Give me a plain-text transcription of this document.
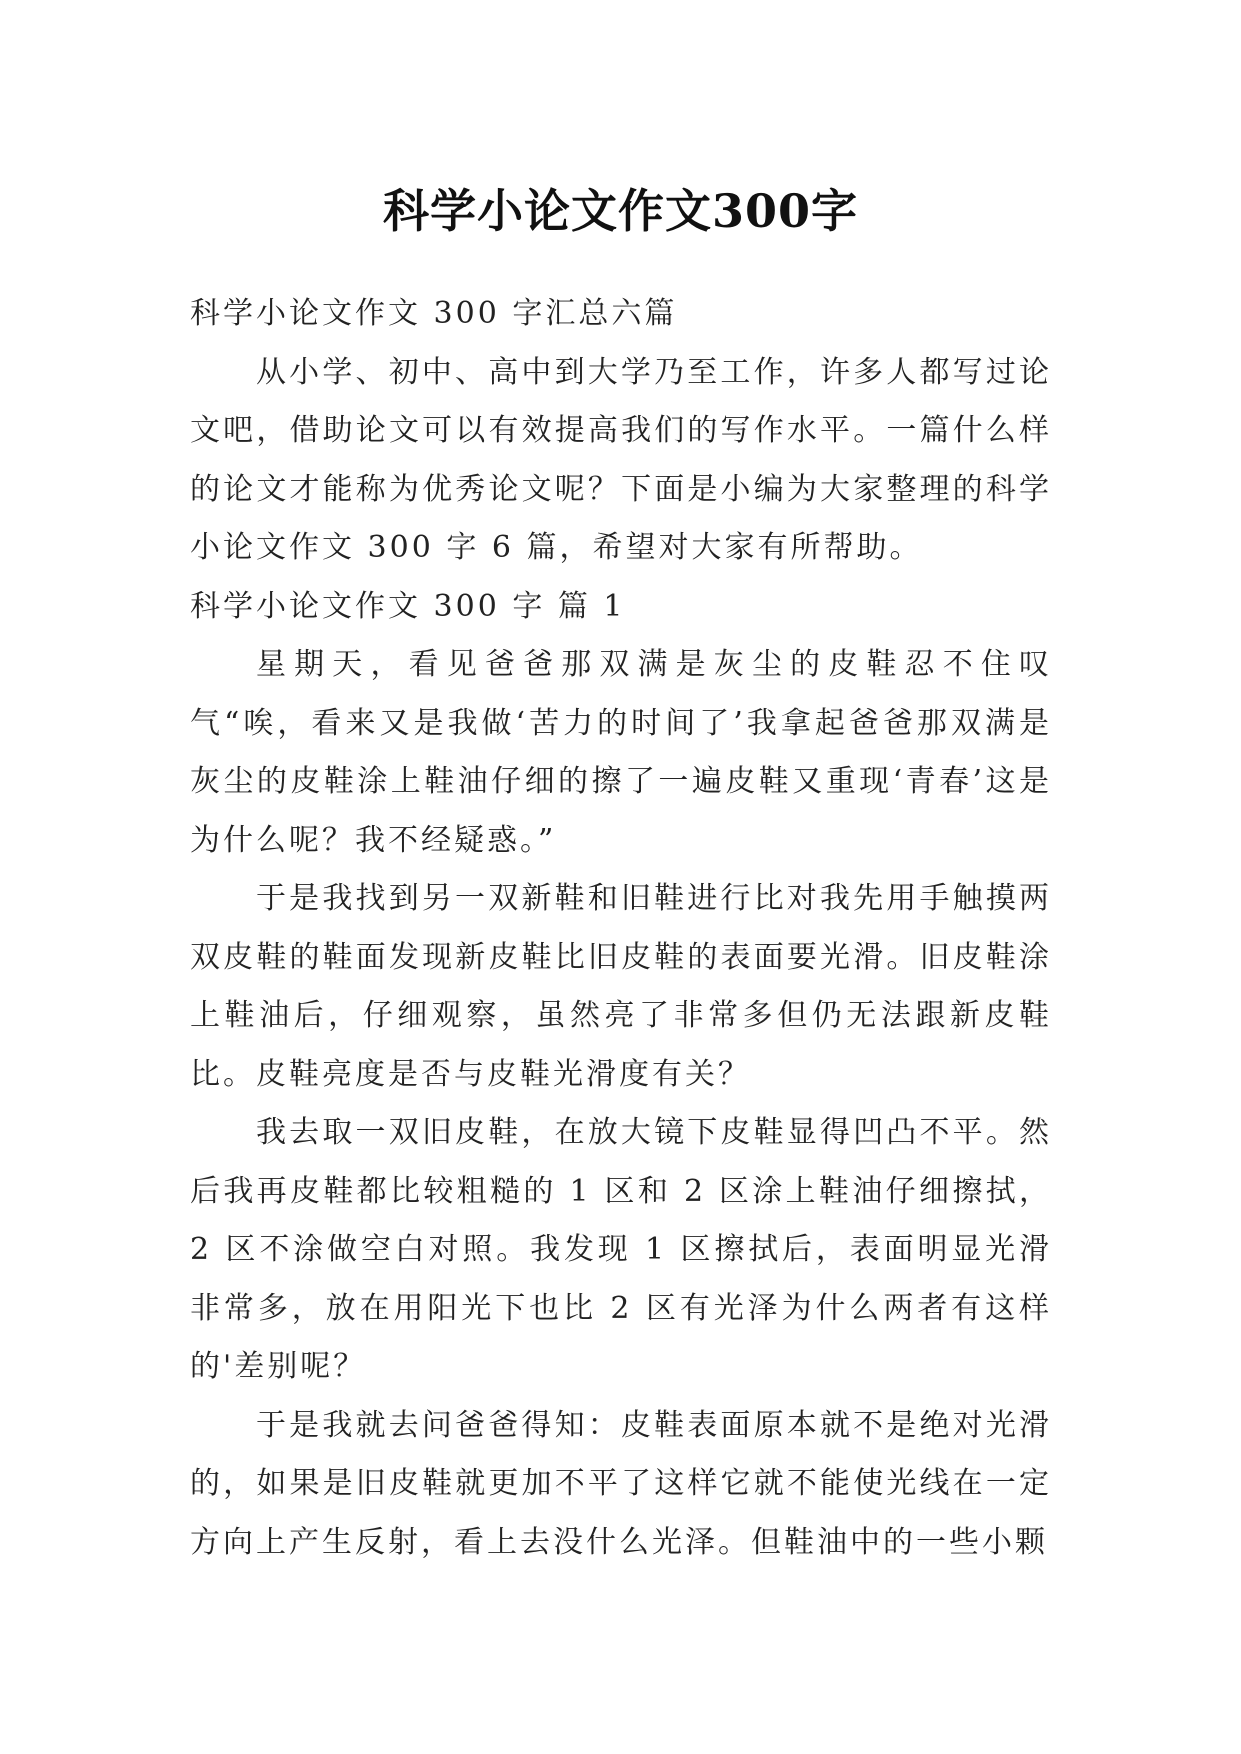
科学小论文作文300字

科学小论文作文 300 字汇总六篇

从小学、初中、高中到大学乃至工作，许多人都写过论文吧，借助论文可以有效提高我们的写作水平。一篇什么样的论文才能称为优秀论文呢？下面是小编为大家整理的科学小论文作文 300 字 6 篇，希望对大家有所帮助。

科学小论文作文 300 字 篇 1

星期天，看见爸爸那双满是灰尘的皮鞋忍不住叹气“唉，看来又是我做‘苦力的时间了’我拿起爸爸那双满是灰尘的皮鞋涂上鞋油仔细的擦了一遍皮鞋又重现‘青春’这是为什么呢？我不经疑惑。”

于是我找到另一双新鞋和旧鞋进行比对我先用手触摸两双皮鞋的鞋面发现新皮鞋比旧皮鞋的表面要光滑。旧皮鞋涂上鞋油后，仔细观察，虽然亮了非常多但仍无法跟新皮鞋比。皮鞋亮度是否与皮鞋光滑度有关？

我去取一双旧皮鞋，在放大镜下皮鞋显得凹凸不平。然后我再皮鞋都比较粗糙的 1 区和 2 区涂上鞋油仔细擦拭，2 区不涂做空白对照。我发现 1 区擦拭后，表面明显光滑非常多，放在用阳光下也比 2 区有光泽为什么两者有这样的'差别呢？

于是我就去问爸爸得知：皮鞋表面原本就不是绝对光滑的，如果是旧皮鞋就更加不平了这样它就不能使光线在一定方向上产生反射，看上去没什么光泽。但鞋油中的一些小颗
